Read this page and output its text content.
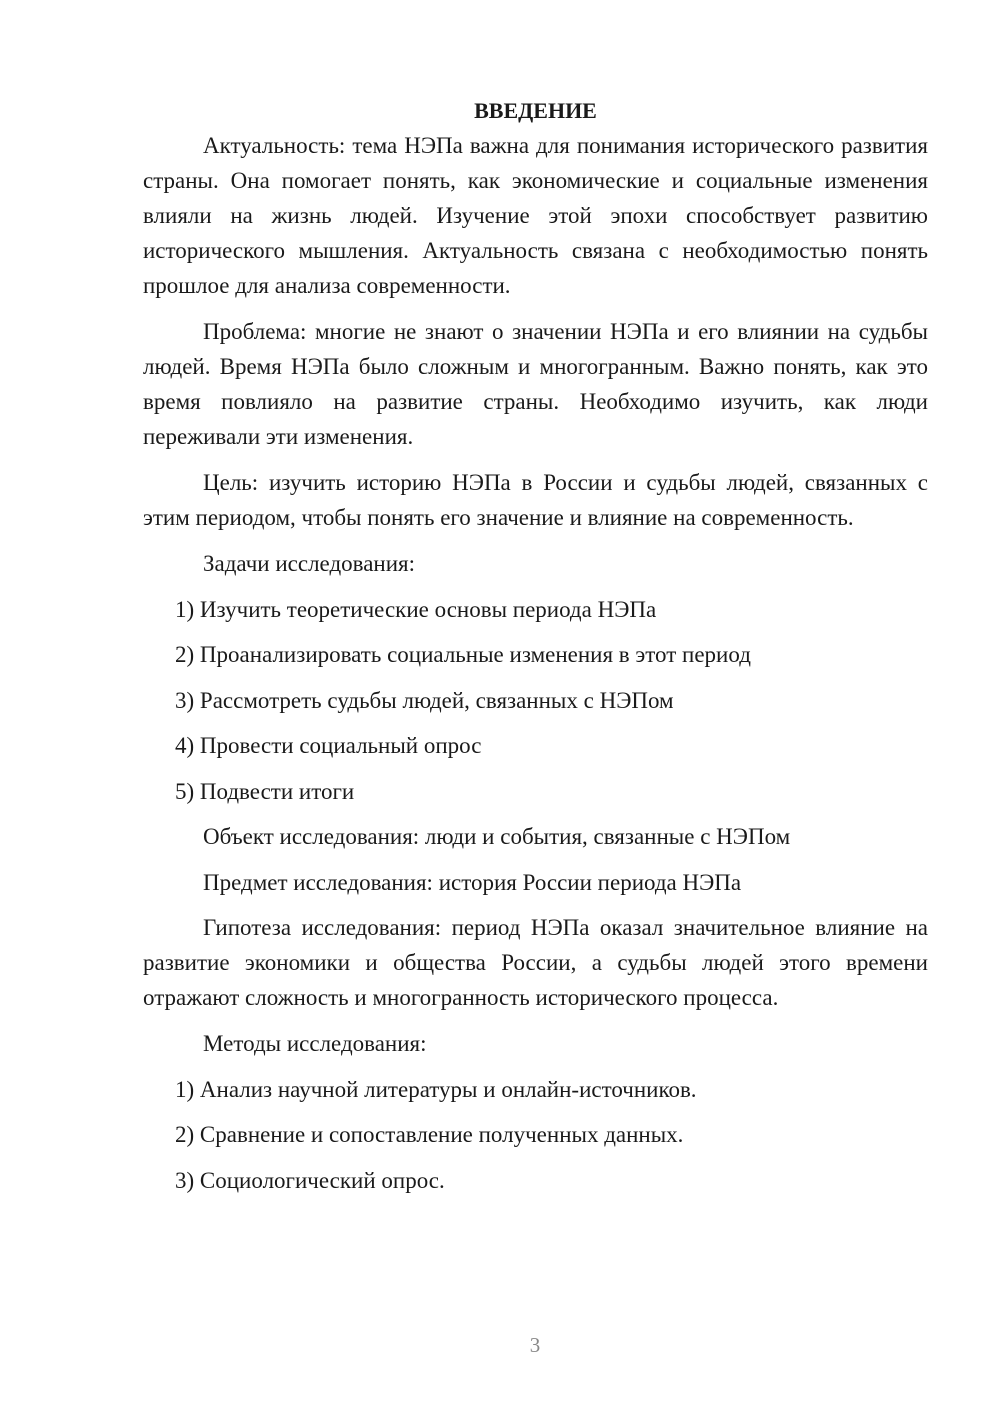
ВВЕДЕНИЕ

Актуальность: тема НЭПа важна для понимания исторического развития страны. Она помогает понять, как экономические и социальные изменения влияли на жизнь людей. Изучение этой эпохи способствует развитию исторического мышления. Актуальность связана с необходимостью понять прошлое для анализа современности.

Проблема: многие не знают о значении НЭПа и его влиянии на судьбы людей. Время НЭПа было сложным и многогранным. Важно понять, как это время повлияло на развитие страны. Необходимо изучить, как люди переживали эти изменения.

Цель: изучить историю НЭПа в России и судьбы людей, связанных с этим периодом, чтобы понять его значение и влияние на современность.

Задачи исследования:
1) Изучить теоретические основы периода НЭПа
2) Проанализировать социальные изменения в этот период
3) Рассмотреть судьбы людей, связанных с НЭПом
4) Провести социальный опрос
5) Подвести итоги
Объект исследования: люди и события, связанные с НЭПом
Предмет исследования: история России периода НЭПа

Гипотеза исследования: период НЭПа оказал значительное влияние на развитие экономики и общества России, а судьбы людей этого времени отражают сложность и многогранность исторического процесса.

Методы исследования:
1) Анализ научной литературы и онлайн-источников.
2) Сравнение и сопоставление полученных данных.
3) Социологический опрос.
3
